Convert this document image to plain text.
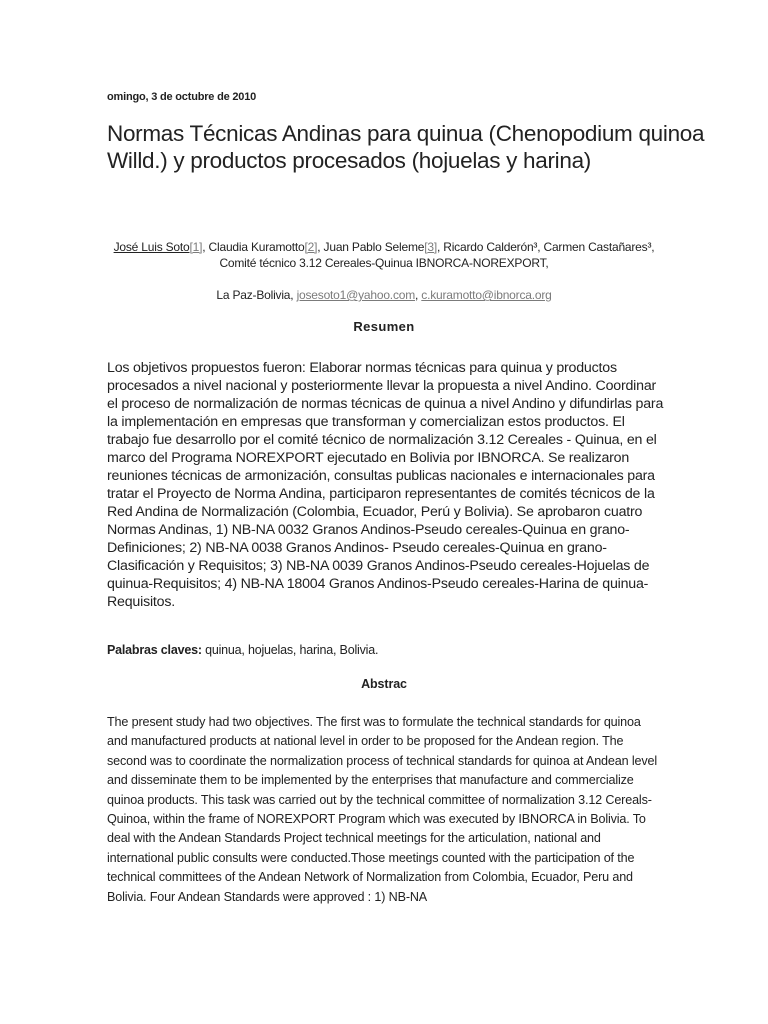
omingo, 3 de octubre de 2010
Normas Técnicas Andinas para quinua (Chenopodium quinoa Willd.) y productos procesados (hojuelas y harina)
José Luis Soto[1], Claudia Kuramotto[2], Juan Pablo Seleme[3], Ricardo Calderón³, Carmen Castañares³, Comité técnico 3.12 Cereales-Quinua IBNORCA-NOREXPORT,
La Paz-Bolivia, josesoto1@yahoo.com, c.kuramotto@ibnorca.org
Resumen

Los objetivos propuestos fueron: Elaborar normas técnicas para quinua y productos procesados a nivel nacional y posteriormente llevar la propuesta a nivel Andino. Coordinar el proceso de normalización de normas técnicas de quinua a nivel Andino y difundirlas para la implementación en empresas que transforman y comercializan estos productos. El trabajo fue desarrollo por el comité técnico de normalización 3.12 Cereales - Quinua, en el marco del Programa NOREXPORT ejecutado en Bolivia por IBNORCA. Se realizaron reuniones técnicas de armonización, consultas publicas nacionales e internacionales para tratar el Proyecto de Norma Andina, participaron representantes de comités técnicos de la Red Andina de Normalización (Colombia, Ecuador, Perú y Bolivia). Se aprobaron cuatro Normas Andinas, 1) NB-NA 0032 Granos Andinos-Pseudo cereales-Quinua en grano-Definiciones; 2) NB-NA 0038 Granos Andinos- Pseudo cereales-Quinua en grano-Clasificación y Requisitos; 3) NB-NA 0039 Granos Andinos-Pseudo cereales-Hojuelas de quinua-Requisitos; 4) NB-NA 18004 Granos Andinos-Pseudo cereales-Harina de quinua-Requisitos.

Palabras claves: quinua, hojuelas, harina, Bolivia.
Abstrac

The present study had two objectives. The first was to formulate the technical standards for quinoa and manufactured products at national level in order to be proposed for the Andean region. The second was to coordinate the normalization process of technical standards for quinoa at Andean level and disseminate them to be implemented by the enterprises that manufacture and commercialize quinoa products. This task was carried out by the technical committee of normalization 3.12 Cereals-Quinoa, within the frame of NOREXPORT Program which was executed by IBNORCA in Bolivia. To deal with the Andean Standards Project technical meetings for the articulation, national and international public consults were conducted.Those meetings counted with the participation of the technical committees of the Andean Network of Normalization from Colombia, Ecuador, Peru and Bolivia. Four Andean Standards were approved : 1) NB-NA
